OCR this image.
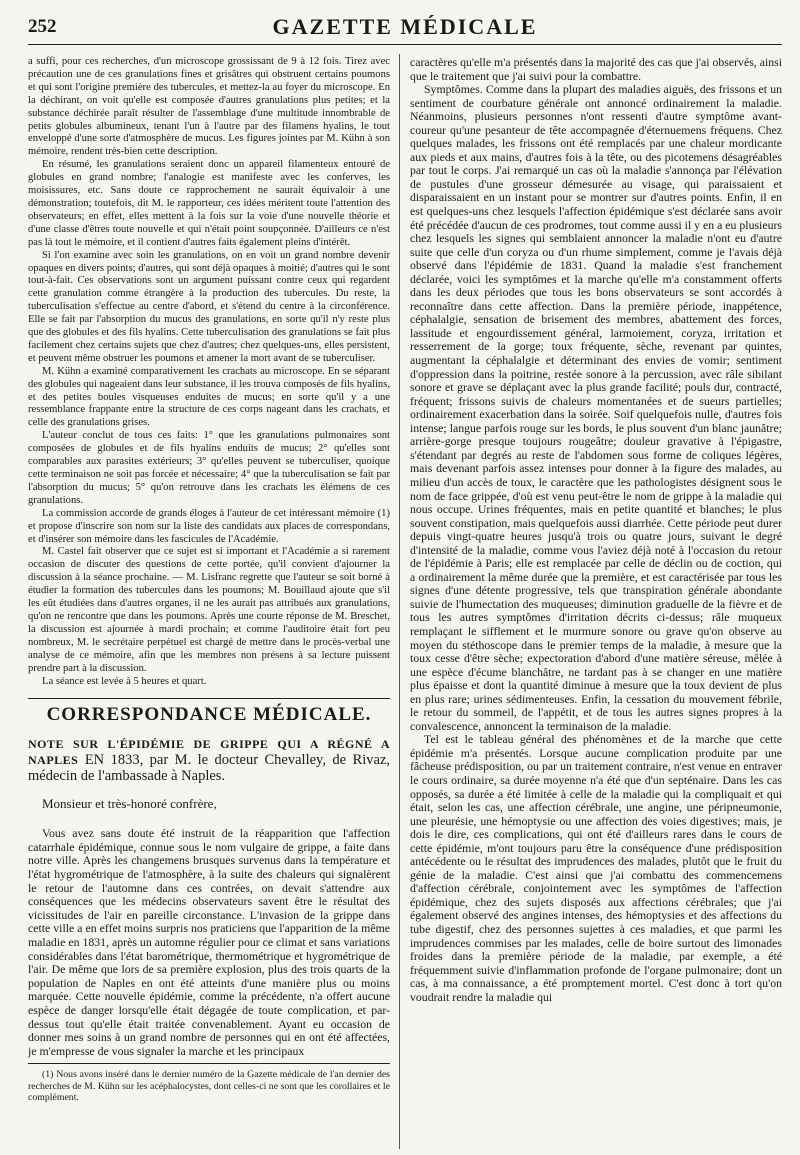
252	GAZETTE MÉDICALE

a suffi, pour ces recherches, d'un microscope grossissant de 9 à 12 fois. Tirez avec précaution une de ces granulations fines et grisâtres qui obstruent certains poumons et qui sont l'origine première des tubercules, et mettez-la au foyer du microscope. En la déchirant, on voit qu'elle est composée d'autres granulations plus petites; et la substance déchirée paraît résulter de l'assemblage d'une multitude innombrable de petits globules albumineux, tenant l'un à l'autre par des filamens hyalins, le tout enveloppé d'une sorte d'atmosphère de mucus. Les figures jointes par M. Kühn à son mémoire, rendent très-bien cette description.

En résumé, les granulations seraient donc un appareil filamenteux entouré de globules en grand nombre; l'analogie est manifeste avec les conferves, les moisissures, etc. Sans doute ce rapprochement ne saurait équivaloir à une démonstration; toutefois, dit M. le rapporteur, ces idées méritent toute l'attention des observateurs; en effet, elles mettent à la fois sur la voie d'une nouvelle théorie et d'une classe d'êtres toute nouvelle et qui n'était point soupçonnée. D'ailleurs ce n'est pas là tout le mémoire, et il contient d'autres faits également pleins d'intérêt.

Si l'on examine avec soin les granulations, on en voit un grand nombre devenir opaques en divers points; d'autres, qui sont déjà opaques à moitié; d'autres qui le sont tout-à-fait. Ces observations sont un argument puissant contre ceux qui regardent cette granulation comme étrangère à la production des tubercules. Du reste, la tuberculisation s'effectue au centre d'abord, et s'étend du centre à la circonférence. Elle se fait par l'absorption du mucus des granulations, en sorte qu'il n'y reste plus que des globules et des fils hyalins. Cette tuberculisation des granulations se fait plus facilement chez certains sujets que chez d'autres; chez quelques-uns, elles persistent, et peuvent même obstruer les poumons et amener la mort avant de se tuberculiser.

M. Kühn a examiné comparativement les crachats au microscope. En se séparant des globules qui nageaient dans leur substance, il les trouva composés de fils hyalins, et des petites boules visqueuses enduites de mucus; en sorte qu'il y a une ressemblance frappante entre la structure de ces corps nageant dans les crachats, et celle des granulations grises.

L'auteur conclut de tous ces faits: 1° que les granulations pulmonaires sont composées de globules et de fils hyalins enduits de mucus; 2° qu'elles sont comparables aux parasites extérieurs; 3° qu'elles peuvent se tuberculiser, quoique cette terminaison ne soit pas forcée et nécessaire; 4° que la tuberculisation se fait par l'absorption du mucus; 5° qu'on retrouve dans les crachats les élémens de ces granulations.

La commission accorde de grands éloges à l'auteur de cet intéressant mémoire (1) et propose d'inscrire son nom sur la liste des candidats aux places de correspondans, et d'insérer son mémoire dans les fascicules de l'Académie.

M. Castel fait observer que ce sujet est si important et l'Académie a si rarement occasion de discuter des questions de cette portée, qu'il convient d'ajourner la discussion à la séance prochaine. — M. Lisfranc regrette que l'auteur se soit borné à étudier la formation des tubercules dans les poumons; M. Bouillaud ajoute que s'il les eût étudiées dans d'autres organes, il ne les aurait pas attribués aux granulations, qu'on ne rencontre que dans les poumons. Après une courte réponse de M. Breschet, la discussion est ajournée à mardi prochain; et comme l'auditoire était fort peu nombreux, M. le secrétaire perpétuel est chargé de mettre dans le procès-verbal une analyse de ce mémoire, afin que les membres non présens à sa lecture puissent prendre part à la discussion.

La séance est levée à 5 heures et quart.

CORRESPONDANCE MÉDICALE.
NOTE SUR L'ÉPIDÉMIE DE GRIPPE QUI A RÉGNÉ A NAPLES EN 1833, par M. le docteur Chevalley, de Rivaz, médecin de l'ambassade à Naples.
Monsieur et très-honoré confrère,

Vous avez sans doute été instruit de la réapparition que l'affection catarrhale épidémique, connue sous le nom vulgaire de grippe, a faite dans notre ville. Après les changemens brusques survenus dans la température et l'état hygrométrique de l'atmosphère, à la suite des chaleurs qui signalèrent le retour de l'automne dans ces contrées, on devait s'attendre aux conséquences que les médecins observateurs savent être le résultat des vicissitudes de l'air en pareille circonstance. L'invasion de la grippe dans cette ville a en effet moins surpris nos praticiens que l'apparition de la même maladie en 1831, après un automne régulier pour ce climat et sans variations considérables dans l'état barométrique, thermométrique et hygrométrique de l'air. De même que lors de sa première explosion, plus des trois quarts de la population de Naples en ont été atteints d'une manière plus ou moins marquée. Cette nouvelle épidémie, comme la précédente, n'a offert aucune espèce de danger lorsqu'elle était dégagée de toute complication, et par-dessus tout qu'elle était traitée convenablement. Ayant eu occasion de donner mes soins à un grand nombre de personnes qui en ont été affectées, je m'empresse de vous signaler la marche et les principaux

(1) Nous avons inséré dans le dernier numéro de la Gazette médicale de l'an dernier des recherches de M. Kühn sur les acéphalocystes, dont celles-ci ne sont que les corollaires et le complément.

caractères qu'elle m'a présentés dans la majorité des cas que j'ai observés, ainsi que le traitement que j'ai suivi pour la combattre.

Symptômes. Comme dans la plupart des maladies aiguës, des frissons et un sentiment de courbature générale ont annoncé ordinairement la maladie. Néanmoins, plusieurs personnes n'ont ressenti d'autre symptôme avant-coureur qu'une pesanteur de tête accompagnée d'éternuemens fréquens. Chez quelques malades, les frissons ont été remplacés par une chaleur mordicante aux pieds et aux mains, d'autres fois à la tête, ou des picotemens désagréables par tout le corps. J'ai remarqué un cas où la maladie s'annonça par l'élévation de pustules d'une grosseur démesurée au visage, qui paraissaient et disparaissaient en un instant pour se montrer sur d'autres points. Enfin, il en est quelques-uns chez lesquels l'affection épidémique s'est déclarée sans avoir été précédée d'aucun de ces prodromes, tout comme aussi il y en a eu plusieurs chez lesquels les signes qui semblaient annoncer la maladie n'ont eu d'autre suite que celle d'un coryza ou d'un rhume simplement, comme je l'avais déjà observé dans l'épidémie de 1831. Quand la maladie s'est franchement déclarée, voici les symptômes et la marche qu'elle m'a constamment offerts dans les deux périodes que tous les bons observateurs se sont accordés à reconnaître dans cette affection. Dans la première période, inappétence, céphalalgie, sensation de brisement des membres, abattement des forces, lassitude et engourdissement général, larmoiement, coryza, irritation et resserrement de la gorge; toux fréquente, sèche, revenant par quintes, augmentant la céphalalgie et déterminant des envies de vomir; sentiment d'oppression dans la poitrine, restée sonore à la percussion, avec râle sibilant sonore et grave se déplaçant avec la plus grande facilité; pouls dur, contracté, fréquent; frissons suivis de chaleurs momentanées et de sueurs partielles; ordinairement exacerbation dans la soirée. Soif quelquefois nulle, d'autres fois intense; langue parfois rouge sur les bords, le plus souvent d'un blanc jaunâtre; arrière-gorge presque toujours rougeâtre; douleur gravative à l'épigastre, s'étendant par degrés au reste de l'abdomen sous forme de coliques légères, mais devenant parfois assez intenses pour donner à la figure des malades, au milieu d'un accès de toux, le caractère que les pathologistes désignent sous le nom de face grippée, d'où est venu peut-être le nom de grippe à la maladie qui nous occupe. Urines fréquentes, mais en petite quantité et blanches; le plus souvent constipation, mais quelquefois aussi diarrhée. Cette période peut durer depuis vingt-quatre heures jusqu'à trois ou quatre jours, suivant le degré d'intensité de la maladie, comme vous l'aviez déjà noté à l'occasion du retour de l'épidémie à Paris; elle est remplacée par celle de déclin ou de coction, qui a ordinairement la même durée que la première, et est caractérisée par tous les signes d'une détente progressive, tels que transpiration générale abondante suivie de l'humectation des muqueuses; diminution graduelle de la fièvre et de tous les autres symptômes d'irritation décrits ci-dessus; râle muqueux remplaçant le sifflement et le murmure sonore ou grave qu'on observe au moyen du stéthoscope dans le premier temps de la maladie, à mesure que la toux cesse d'être sèche; expectoration d'abord d'une matière séreuse, mêlée à une espèce d'écume blanchâtre, ne tardant pas à se changer en une matière plus épaisse et dont la quantité diminue à mesure que la toux devient de plus en plus rare; urines sédimenteuses. Enfin, la cessation du mouvement fébrile, le retour du sommeil, de l'appétit, et de tous les autres signes propres à la convalescence, annoncent la terminaison de la maladie.

Tel est le tableau général des phénomènes et de la marche que cette épidémie m'a présentés. Lorsque aucune complication produite par une fâcheuse prédisposition, ou par un traitement contraire, n'est venue en entraver le cours ordinaire, sa durée moyenne n'a été que d'un septénaire. Dans les cas opposés, sa durée a été limitée à celle de la maladie qui la compliquait et qui était, selon les cas, une affection cérébrale, une angine, une péripneumonie, une pleurésie, une hémoptysie ou une affection des voies digestives; mais, je dois le dire, ces complications, qui ont été d'ailleurs rares dans le cours de cette épidémie, m'ont toujours paru être la conséquence d'une prédisposition antécédente ou le résultat des imprudences des malades, plutôt que le fruit du génie de la maladie. C'est ainsi que j'ai combattu des commencemens d'affection cérébrale, conjointement avec les symptômes de l'affection épidémique, chez des sujets disposés aux affections cérébrales; que j'ai également observé des angines intenses, des hémoptysies et des affections du tube digestif, chez des personnes sujettes à ces maladies, et que parmi les imprudences commises par les malades, celle de boire surtout des limonades froides dans la première période de la maladie, par exemple, a été fréquemment suivie d'inflammation profonde de l'organe pulmonaire; dont un cas, à ma connaissance, a été promptement mortel. C'est donc à tort qu'on voudrait rendre la maladie qui
